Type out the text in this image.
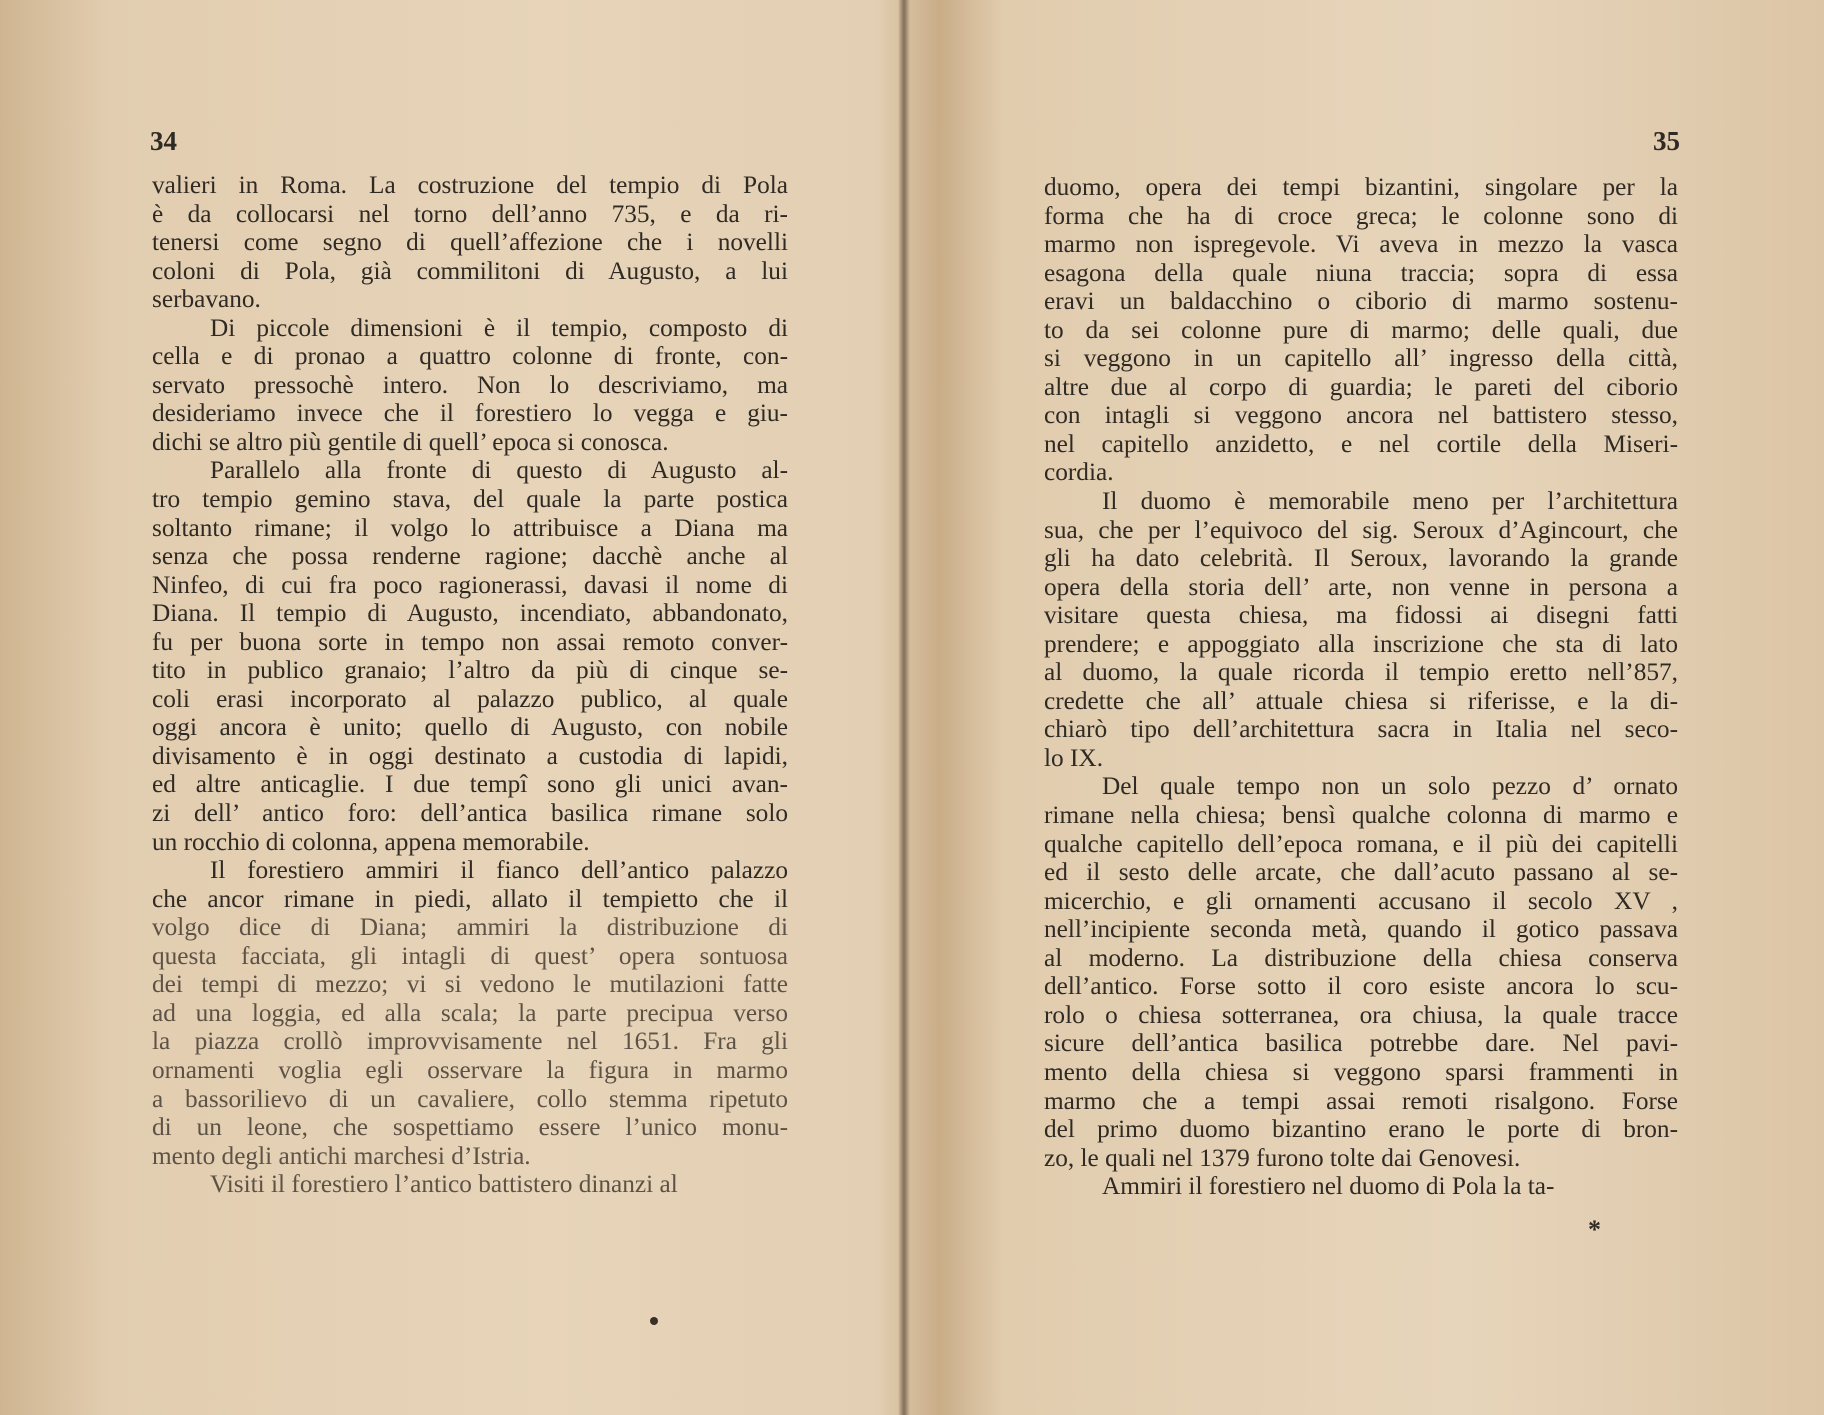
34
valieri in Roma. La costruzione del tempio di Pola
è da collocarsi nel torno dell’anno 735, e da ri-
tenersi come segno di quell’affezione che i novelli
coloni di Pola, già commilitoni di Augusto, a lui
serbavano.
Di piccole dimensioni è il tempio, composto di
cella e di pronao a quattro colonne di fronte, con-
servato pressochè intero. Non lo descriviamo, ma
desideriamo invece che il forestiero lo vegga e giu-
dichi se altro più gentile di quell’ epoca si conosca.
Parallelo alla fronte di questo di Augusto al-
tro tempio gemino stava, del quale la parte postica
soltanto rimane; il volgo lo attribuisce a Diana ma
senza che possa renderne ragione; dacchè anche al
Ninfeo, di cui fra poco ragionerassi, davasi il nome di
Diana. Il tempio di Augusto, incendiato, abbandonato,
fu per buona sorte in tempo non assai remoto conver-
tito in publico granaio; l’altro da più di cinque se-
coli erasi incorporato al palazzo publico, al quale
oggi ancora è unito; quello di Augusto, con nobile
divisamento è in oggi destinato a custodia di lapidi,
ed altre anticaglie. I due tempî sono gli unici avan-
zi dell’ antico foro: dell’antica basilica rimane solo
un rocchio di colonna, appena memorabile.
Il forestiero ammiri il fianco dell’antico palazzo
che ancor rimane in piedi, allato il tempietto che il
volgo dice di Diana; ammiri la distribuzione di
questa facciata, gli intagli di quest’ opera sontuosa
dei tempi di mezzo; vi si vedono le mutilazioni fatte
ad una loggia, ed alla scala; la parte precipua verso
la piazza crollò improvvisamente nel 1651. Fra gli
ornamenti voglia egli osservare la figura in marmo
a bassorilievo di un cavaliere, collo stemma ripetuto
di un leone, che sospettiamo essere l’unico monu-
mento degli antichi marchesi d’Istria.
Visiti il forestiero l’antico battistero dinanzi al
35
duomo, opera dei tempi bizantini, singolare per la
forma che ha di croce greca; le colonne sono di
marmo non ispregevole. Vi aveva in mezzo la vasca
esagona della quale niuna traccia; sopra di essa
eravi un baldacchino o ciborio di marmo sostenu-
to da sei colonne pure di marmo; delle quali, due
si veggono in un capitello all’ ingresso della città,
altre due al corpo di guardia; le pareti del ciborio
con intagli si veggono ancora nel battistero stesso,
nel capitello anzidetto, e nel cortile della Miseri-
cordia.
Il duomo è memorabile meno per l’architettura
sua, che per l’equivoco del sig. Seroux d’Agincourt, che
gli ha dato celebrità. Il Seroux, lavorando la grande
opera della storia dell’ arte, non venne in persona a
visitare questa chiesa, ma fidossi ai disegni fatti
prendere; e appoggiato alla inscrizione che sta di lato
al duomo, la quale ricorda il tempio eretto nell’857,
credette che all’ attuale chiesa si riferisse, e la di-
chiarò tipo dell’architettura sacra in Italia nel seco-
lo IX.
Del quale tempo non un solo pezzo d’ ornato
rimane nella chiesa; bensì qualche colonna di marmo e
qualche capitello dell’epoca romana, e il più dei capitelli
ed il sesto delle arcate, che dall’acuto passano al se-
micerchio, e gli ornamenti accusano il secolo XV ,
nell’incipiente seconda metà, quando il gotico passava
al moderno. La distribuzione della chiesa conserva
dell’antico. Forse sotto il coro esiste ancora lo scu-
rolo o chiesa sotterranea, ora chiusa, la quale tracce
sicure dell’antica basilica potrebbe dare. Nel pavi-
mento della chiesa si veggono sparsi frammenti in
marmo che a tempi assai remoti risalgono. Forse
del primo duomo bizantino erano le porte di bron-
zo, le quali nel 1379 furono tolte dai Genovesi.
Ammiri il forestiero nel duomo di Pola la ta-
*
